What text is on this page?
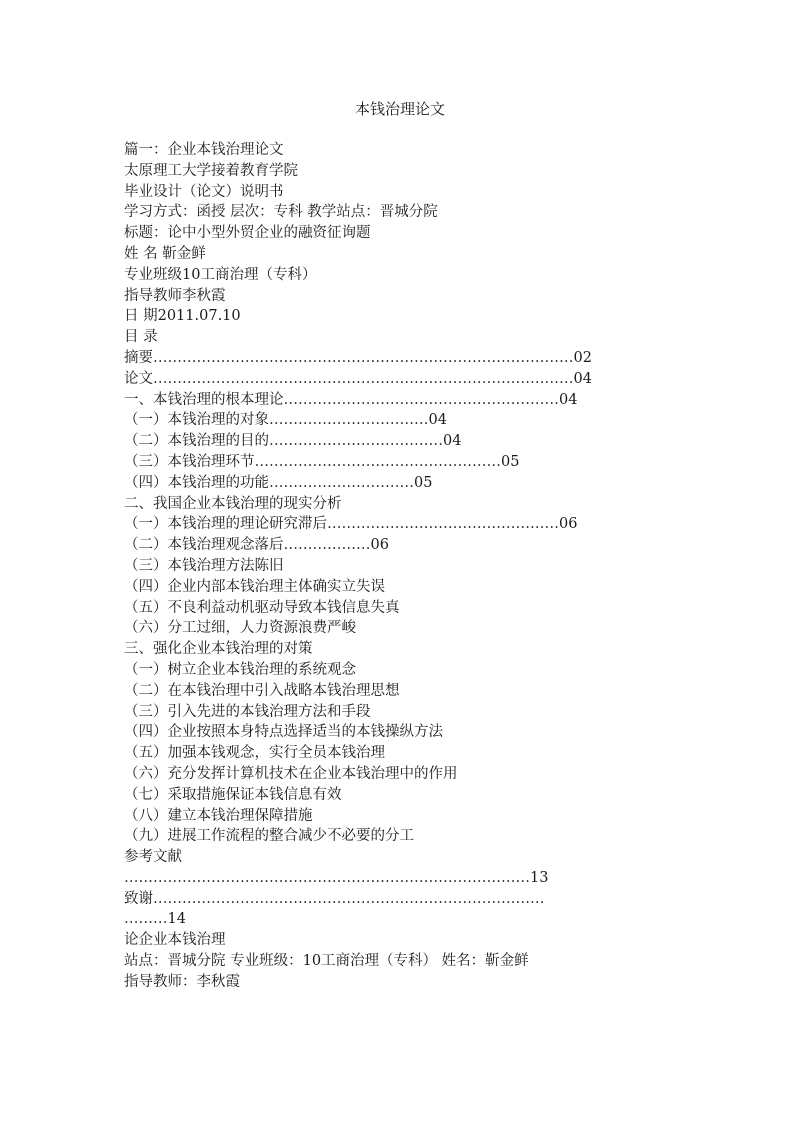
本钱治理论文
篇一：企业本钱治理论文
太原理工大学接着教育学院
毕业设计（论文）说明书
学习方式：函授 层次：专科 教学站点：晋城分院
标题：论中小型外贸企业的融资征询题
姓 名 靳金鲜
专业班级10工商治理（专科）
指导教师李秋霞
日 期2011.07.10
目 录
摘要 …………………………………………………………………………… 02
论文 …………………………………………………………………………… 04
一、本钱治理的根本理论 ………………………………………………… 04
（一）本钱治理的对象 …………………………… 04
（二）本钱治理的目的 ……………………………… 04
（三）本钱治理环节 …………………………………………… 05
（四）本钱治理的功能 ………………………… 05
二、我国企业本钱治理的现实分析
（一）本钱治理的理论研究滞后 ………………………………………… 06
（二）本钱治理观念落后 ……………… 06
（三）本钱治理方法陈旧
（四）企业内部本钱治理主体确实立失误
（五）不良利益动机驱动导致本钱信息失真
（六）分工过细，人力资源浪费严峻
三、强化企业本钱治理的对策
（一）树立企业本钱治理的系统观念
（二）在本钱治理中引入战略本钱治理思想
（三）引入先进的本钱治理方法和手段
（四）企业按照本身特点选择适当的本钱操纵方法
（五）加强本钱观念，实行全员本钱治理
（六）充分发挥计算机技术在企业本钱治理中的作用
（七）采取措施保证本钱信息有效
（八）建立本钱治理保障措施
（九）进展工作流程的整合减少不必要的分工
参考文献
………………………………………………………………………… 13
致谢 ………………………………………………………………………
……… 14
论企业本钱治理
站点：晋城分院 专业班级：10工商治理（专科） 姓名：靳金鲜
指导教师：李秋霞
